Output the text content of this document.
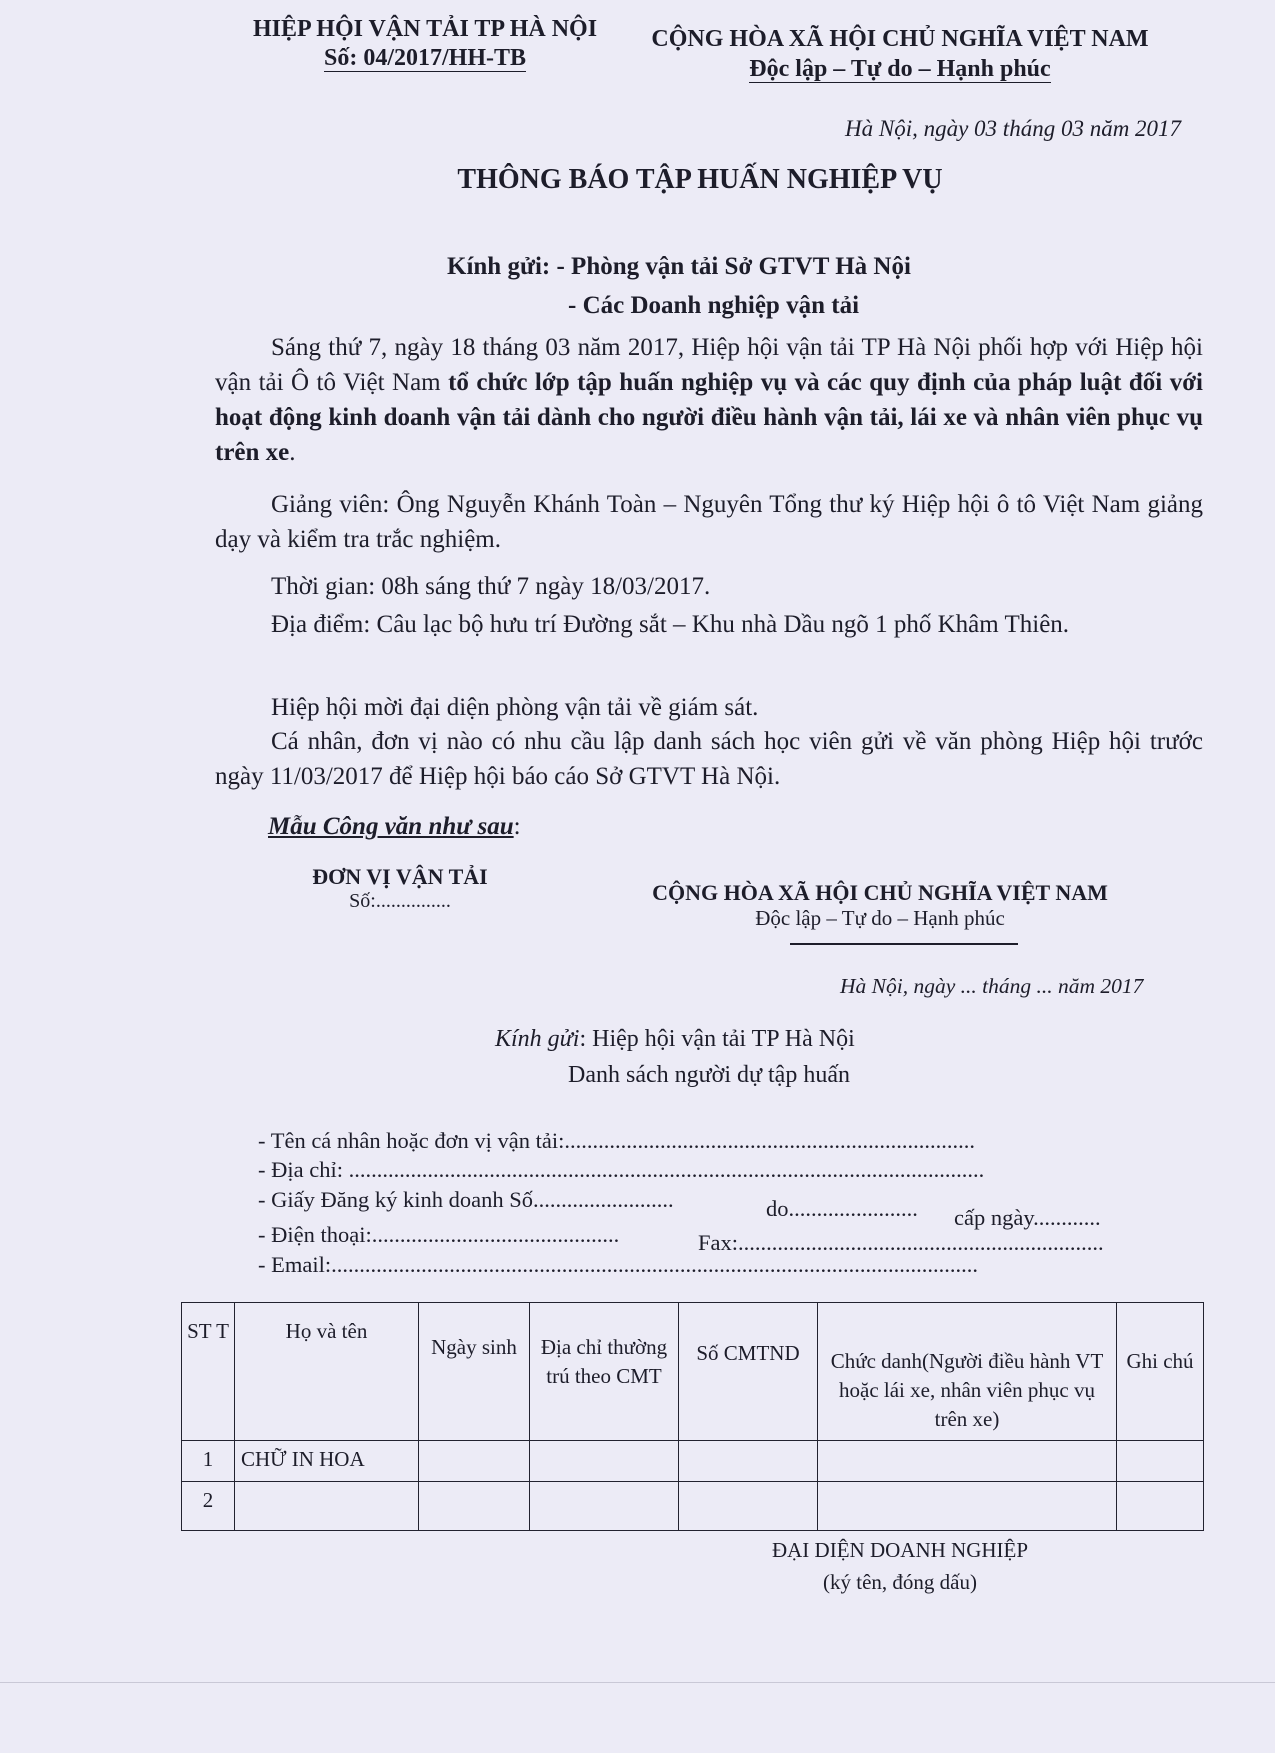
HIỆP HỘI VẬN TẢI TP HÀ NỘI
Số: 04/2017/HH-TB
CỘNG HÒA XÃ HỘI CHỦ NGHĨA VIỆT NAM
Độc lập – Tự do – Hạnh phúc
Hà Nội, ngày 03 tháng 03 năm 2017
THÔNG BÁO TẬP HUẤN NGHIỆP VỤ
Kính gửi: - Phòng vận tải Sở GTVT Hà Nội
- Các Doanh nghiệp vận tải
Sáng thứ 7, ngày 18 tháng 03 năm 2017, Hiệp hội vận tải TP Hà Nội phối hợp với Hiệp hội vận tải Ô tô Việt Nam tổ chức lớp tập huấn nghiệp vụ và các quy định của pháp luật đối với hoạt động kinh doanh vận tải dành cho người điều hành vận tải, lái xe và nhân viên phục vụ trên xe.
Giảng viên: Ông Nguyễn Khánh Toàn – Nguyên Tổng thư ký Hiệp hội ô tô Việt Nam giảng dạy và kiểm tra trắc nghiệm.
Thời gian: 08h sáng thứ 7 ngày 18/03/2017.
Địa điểm: Câu lạc bộ hưu trí Đường sắt – Khu nhà Dầu ngõ 1 phố Khâm Thiên.
Hiệp hội mời đại diện phòng vận tải về giám sát.
Cá nhân, đơn vị nào có nhu cầu lập danh sách học viên gửi về văn phòng Hiệp hội trước ngày 11/03/2017 để Hiệp hội báo cáo Sở GTVT Hà Nội.
Mẫu Công văn như sau:
ĐƠN VỊ VẬN TẢI
Số:...............	CỘNG HÒA XÃ HỘI CHỦ NGHĨA VIỆT NAM
Độc lập – Tự do – Hạnh phúc
Hà Nội, ngày ... tháng ... năm 2017
Kính gửi: Hiệp hội vận tải TP Hà Nội
Danh sách người dự tập huấn
- Tên cá nhân hoặc đơn vị vận tải:.........................................................................
- Địa chỉ: .................................................................................................................
- Giấy Đăng ký kinh doanh Số.........................	do....................... cấp ngày............
- Điện thoại:............................................	Fax:.................................................................
- Email:...................................................................................................................
ST T	Họ và tên	Ngày sinh	Địa chỉ thường trú theo CMT	Số CMTND	Chức danh(Người điều hành VT hoặc lái xe, nhân viên phục vụ trên xe)	Ghi chú
1	CHỮ IN HOA					
2						
ĐẠI DIỆN DOANH NGHIỆP
(ký tên, đóng dấu)
